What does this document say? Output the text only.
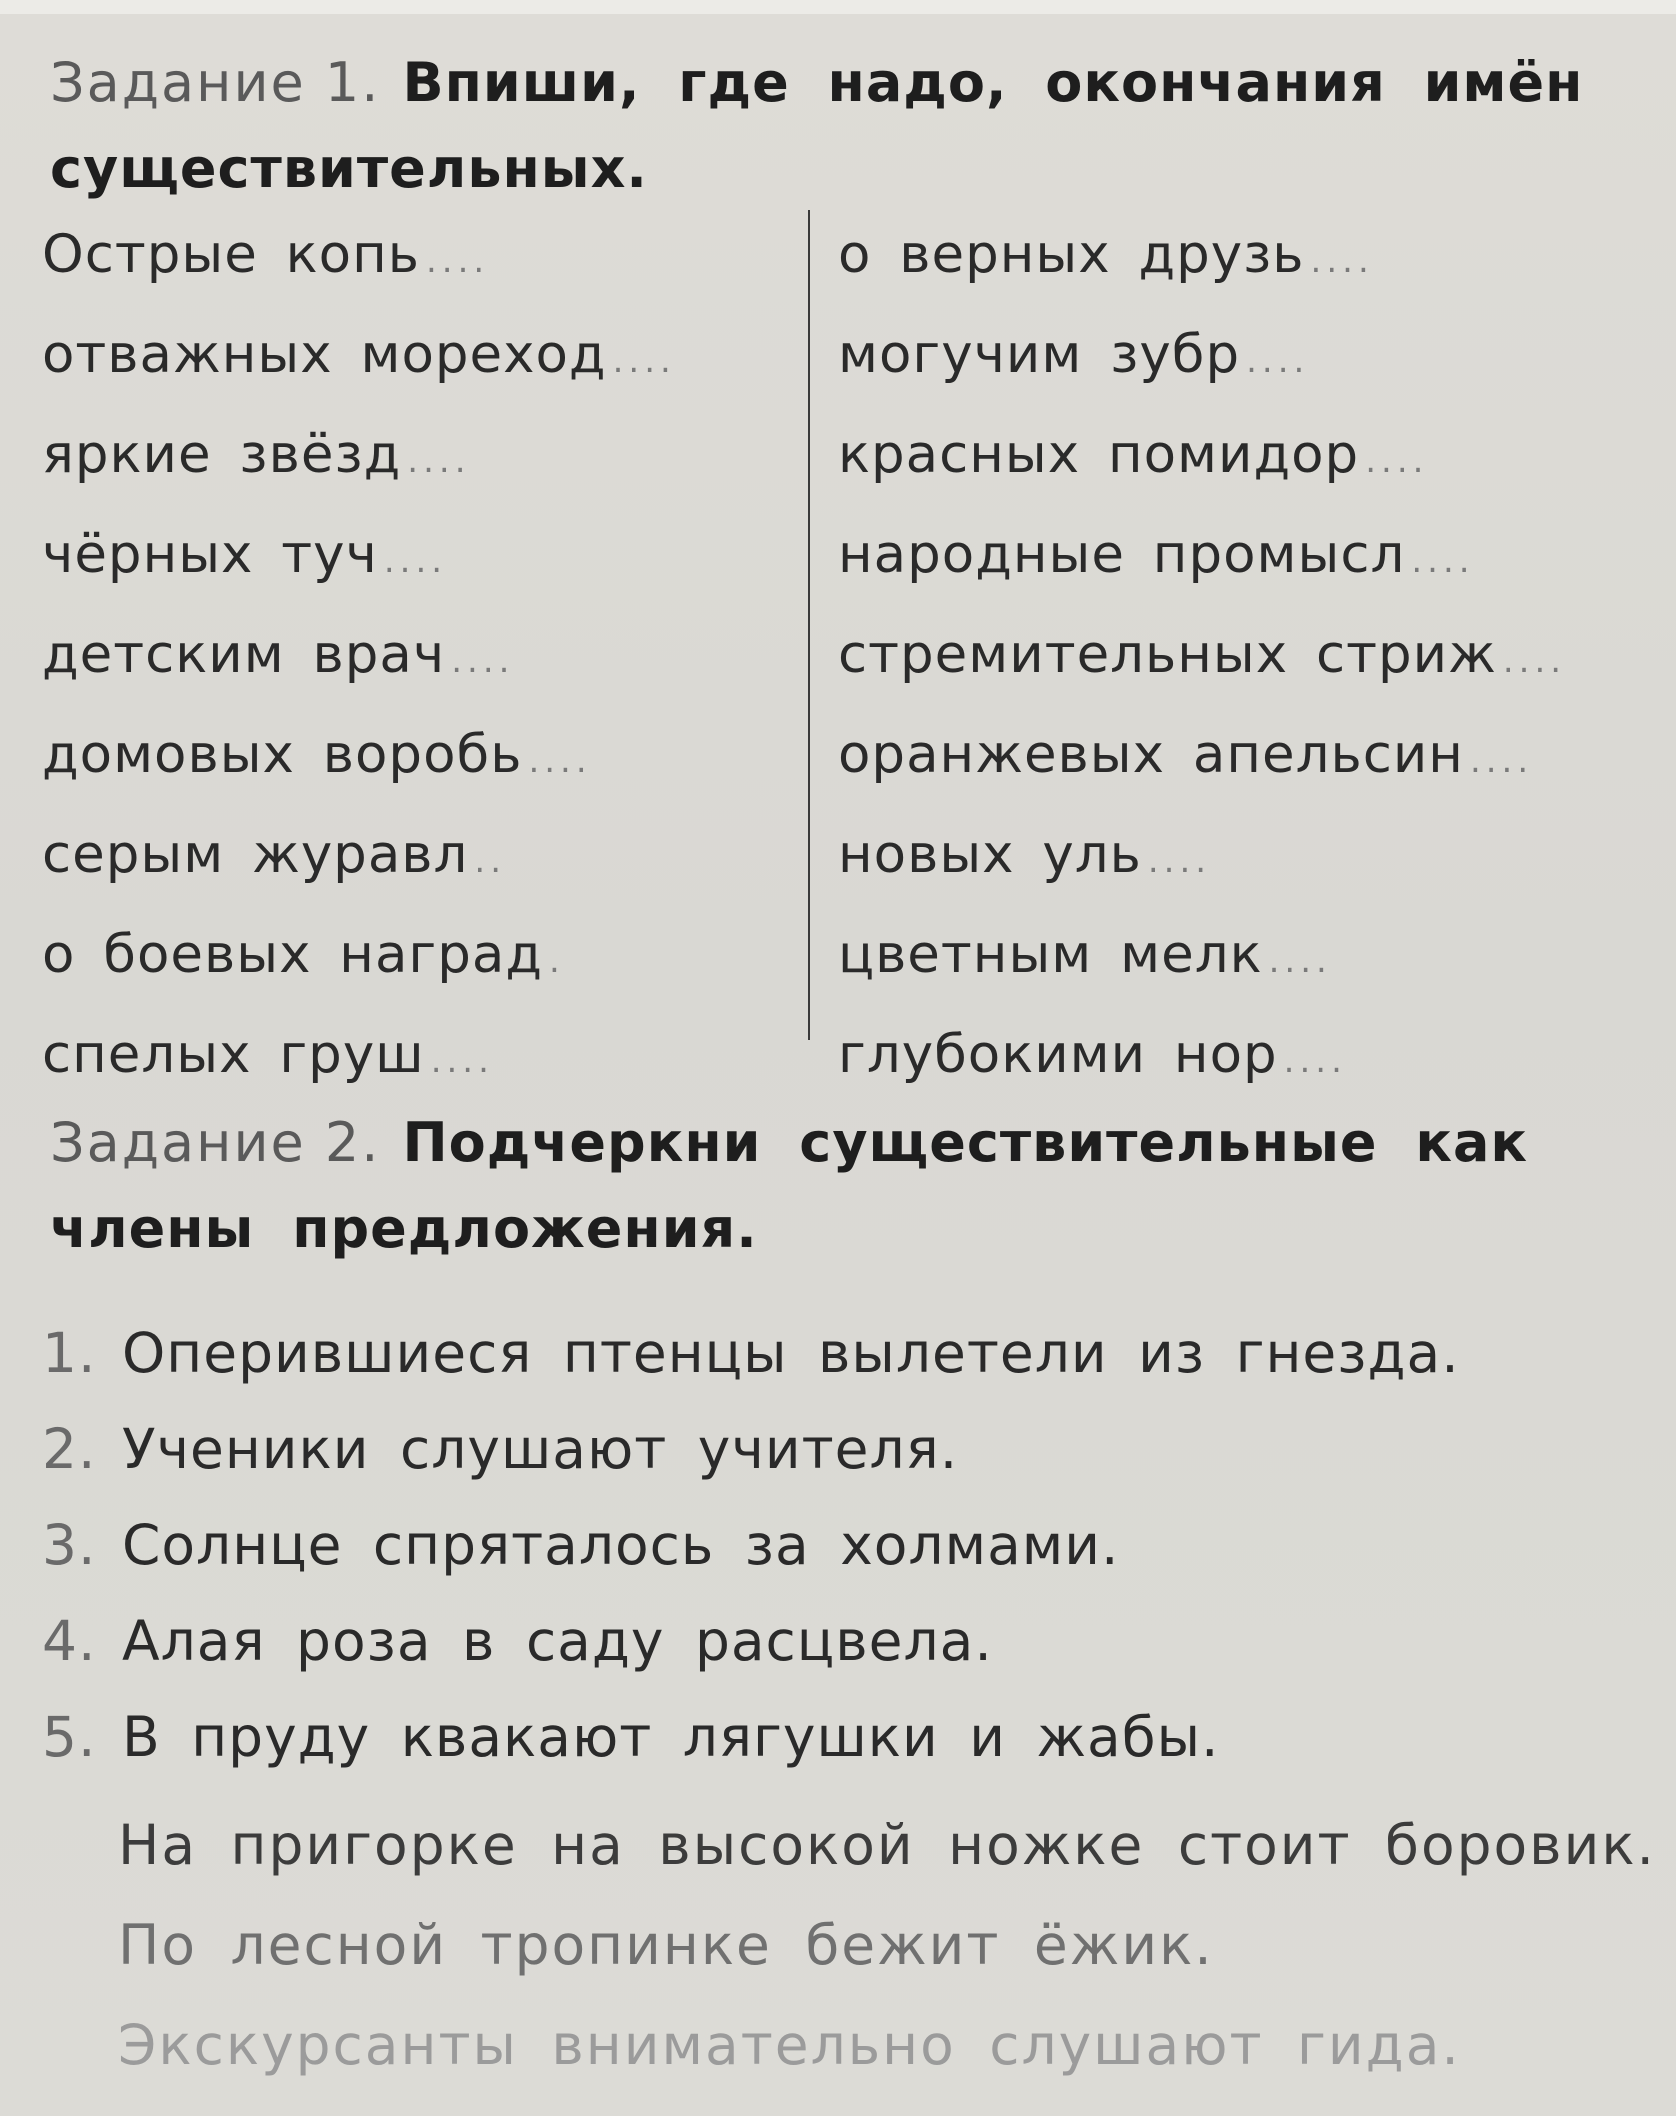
Задание 1. Впиши, где надо, окончания имён существительных.
Острые копь ....
отважных мореход ....
яркие звёзд ....
чёрных туч ....
детским врач ....
домовых воробь ....
серым журавл ..
о боевых наград .
спелых груш ....
о верных друзь ....
могучим зубр ....
красных помидор ....
народные промысл ....
стремительных стриж ....
оранжевых апельсин ....
новых уль ....
цветным мелк ....
глубокими нор ....
Задание 2. Подчеркни существительные как члены предложения.
1. Оперившиеся птенцы вылетели из гнезда.
2. Ученики слушают учителя.
3. Солнце спряталось за холмами.
4. Алая роза в саду расцвела.
5. В пруду квакают лягушки и жабы.
На пригорке на высокой ножке стоит боровик.
По лесной тропинке бежит ёжик.
Экскурсанты внимательно слушают гида.
